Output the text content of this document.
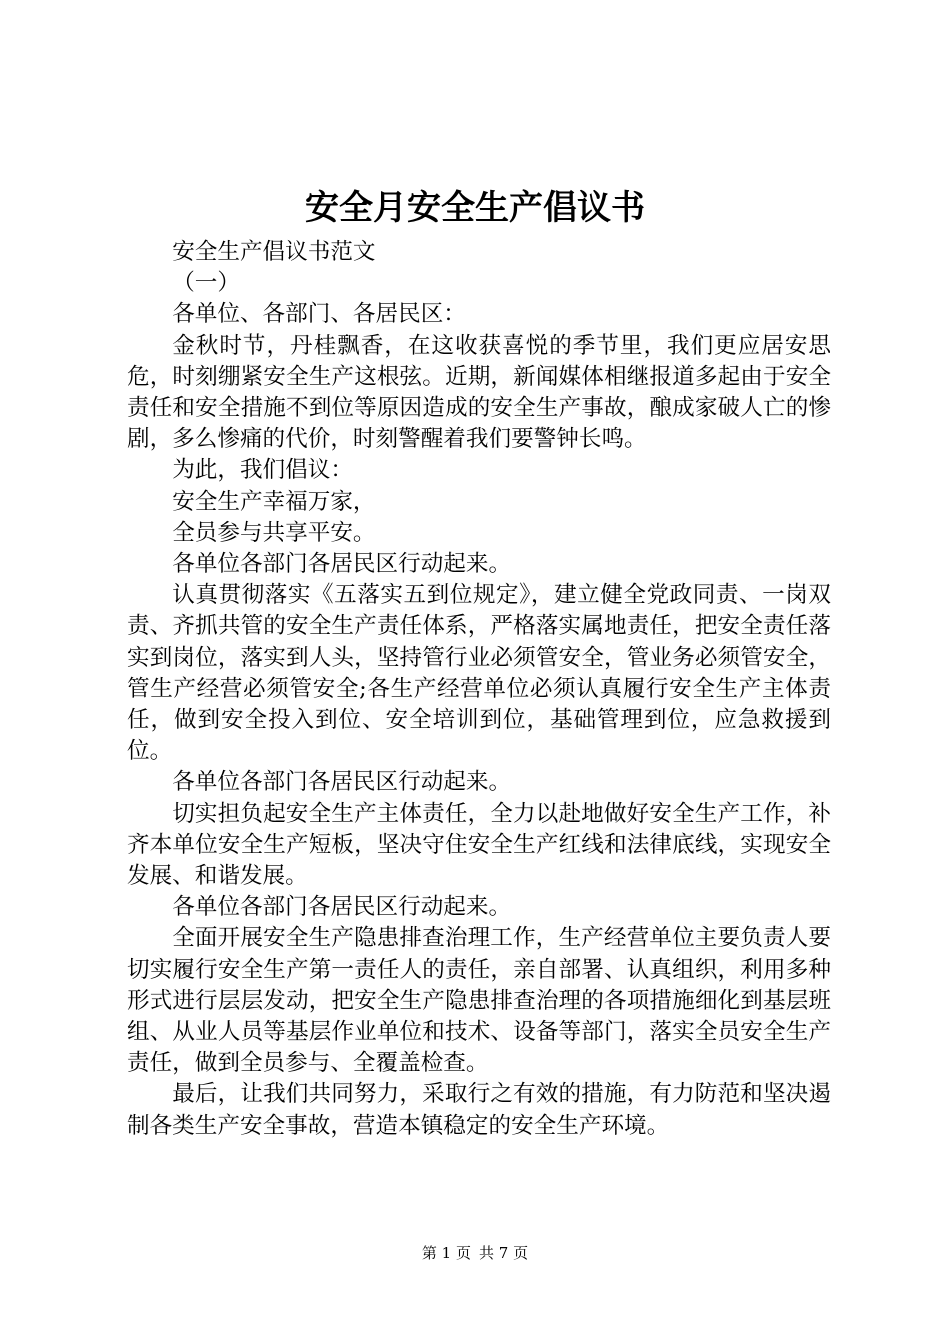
安全月安全生产倡议书

安全生产倡议书范文

（一）

各单位、各部门、各居民区：

金秋时节，丹桂飘香，在这收获喜悦的季节里，我们更应居安思危，时刻绷紧安全生产这根弦。近期，新闻媒体相继报道多起由于安全责任和安全措施不到位等原因造成的安全生产事故，酿成家破人亡的惨剧，多么惨痛的代价，时刻警醒着我们要警钟长鸣。

为此，我们倡议：

安全生产幸福万家，

全员参与共享平安。

各单位各部门各居民区行动起来。

认真贯彻落实《五落实五到位规定》，建立健全党政同责、一岗双责、齐抓共管的安全生产责任体系，严格落实属地责任，把安全责任落实到岗位，落实到人头，坚持管行业必须管安全，管业务必须管安全，管生产经营必须管安全;各生产经营单位必须认真履行安全生产主体责任，做到安全投入到位、安全培训到位，基础管理到位，应急救援到位。

各单位各部门各居民区行动起来。

切实担负起安全生产主体责任，全力以赴地做好安全生产工作，补齐本单位安全生产短板，坚决守住安全生产红线和法律底线，实现安全发展、和谐发展。

各单位各部门各居民区行动起来。

全面开展安全生产隐患排查治理工作，生产经营单位主要负责人要切实履行安全生产第一责任人的责任，亲自部署、认真组织，利用多种形式进行层层发动，把安全生产隐患排查治理的各项措施细化到基层班组、从业人员等基层作业单位和技术、设备等部门，落实全员安全生产责任，做到全员参与、全覆盖检查。

最后，让我们共同努力，采取行之有效的措施，有力防范和坚决遏制各类生产安全事故，营造本镇稳定的安全生产环境。

第 1 页 共 7 页
